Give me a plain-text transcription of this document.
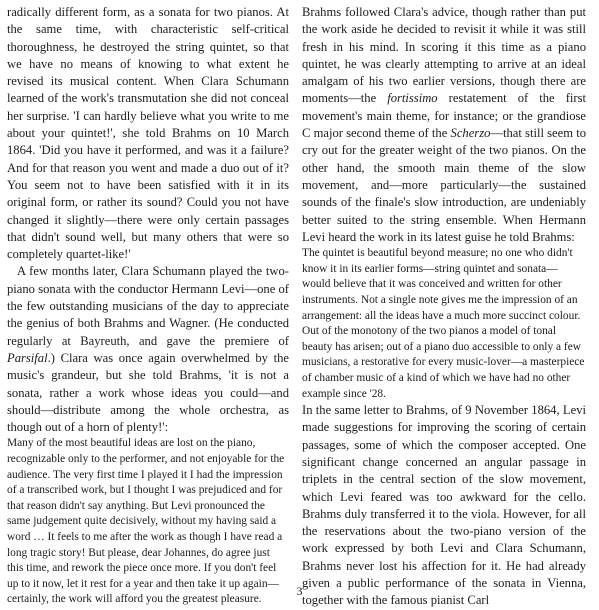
radically different form, as a sonata for two pianos. At the same time, with characteristic self-critical thoroughness, he destroyed the string quintet, so that we have no means of knowing to what extent he revised its musical content. When Clara Schumann learned of the work's transmutation she did not conceal her surprise. 'I can hardly believe what you write to me about your quintet!', she told Brahms on 10 March 1864. 'Did you have it performed, and was it a failure? And for that reason you went and made a duo out of it? You seem not to have been satisfied with it in its original form, or rather its sound? Could you not have changed it slightly—there were only certain passages that didn't sound well, but many others that were so completely quartet-like!'

A few months later, Clara Schumann played the two-piano sonata with the conductor Hermann Levi—one of the few outstanding musicians of the day to appreciate the genius of both Brahms and Wagner. (He conducted regularly at Bayreuth, and gave the premiere of Parsifal.) Clara was once again overwhelmed by the music's grandeur, but she told Brahms, 'it is not a sonata, rather a work whose ideas you could—and should—distribute among the whole orchestra, as though out of a horn of plenty!':

Many of the most beautiful ideas are lost on the piano, recognizable only to the performer, and not enjoyable for the audience. The very first time I played it I had the impression of a transcribed work, but I thought I was prejudiced and for that reason didn't say anything. But Levi pronounced the same judgement quite decisively, without my having said a word … It feels to me after the work as though I have read a long tragic story! But please, dear Johannes, do agree just this time, and rework the piece once more. If you don't feel up to it now, let it rest for a year and then take it up again—certainly, the work will afford you the greatest pleasure.

Brahms followed Clara's advice, though rather than put the work aside he decided to revisit it while it was still fresh in his mind. In scoring it this time as a piano quintet, he was clearly attempting to arrive at an ideal amalgam of his two earlier versions, though there are moments—the fortissimo restatement of the first movement's main theme, for instance; or the grandiose C major second theme of the Scherzo—that still seem to cry out for the greater weight of the two pianos. On the other hand, the smooth main theme of the slow movement, and—more particularly—the sustained sounds of the finale's slow introduction, are undeniably better suited to the string ensemble. When Hermann Levi heard the work in its latest guise he told Brahms:

The quintet is beautiful beyond measure; no one who didn't know it in its earlier forms—string quintet and sonata—would believe that it was conceived and written for other instruments. Not a single note gives me the impression of an arrangement: all the ideas have a much more succinct colour. Out of the monotony of the two pianos a model of tonal beauty has arisen; out of a piano duo accessible to only a few musicians, a restorative for every music-lover—a masterpiece of chamber music of a kind of which we have had no other example since '28.

In the same letter to Brahms, of 9 November 1864, Levi made suggestions for improving the scoring of certain passages, some of which the composer accepted. One significant change concerned an angular passage in triplets in the central section of the slow movement, which Levi feared was too awkward for the cello. Brahms duly transferred it to the viola. However, for all the reservations about the two-piano version of the work expressed by both Levi and Clara Schumann, Brahms never lost his affection for it. He had already given a public performance of the sonata in Vienna, together with the famous pianist Carl

3
